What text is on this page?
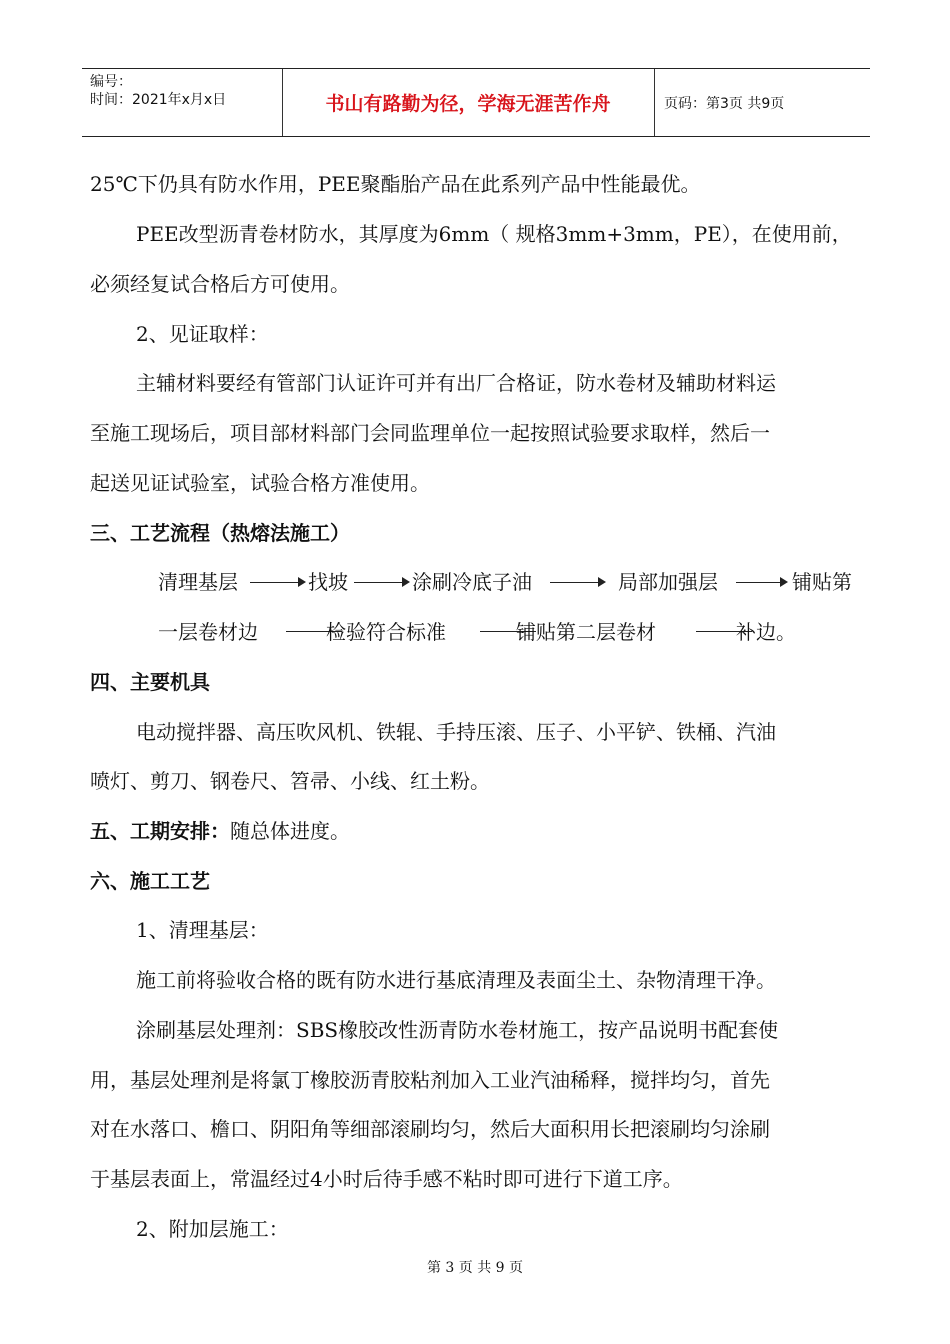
编号：
时间：2021年x月x日	书山有路勤为径，学海无涯苦作舟	页码：第3页 共9页
25℃下仍具有防水作用，PEE聚酯胎产品在此系列产品中性能最优。
PEE改型沥青卷材防水，其厚度为6mm（ 规格3mm+3mm，PE），在使用前，
必须经复试合格后方可使用。
2、见证取样：
主辅材料要经有管部门认证许可并有出厂合格证，防水卷材及辅助材料运
至施工现场后，项目部材料部门会同监理单位一起按照试验要求取样，然后一
起送见证试验室，试验合格方准使用。
三、工艺流程（热熔法施工）
清理基层	找坡	涂刷冷底子油	局部加强层	铺贴第
一层卷材边	检验符合标准	铺贴第二层卷材	补边。
四、主要机具
电动搅拌器、高压吹风机、铁辊、手持压滚、压子、小平铲、铁桶、汽油
喷灯、剪刀、钢卷尺、笤帚、小线、红土粉。
五、工期安排：随总体进度。
六、施工工艺
1、清理基层：
施工前将验收合格的既有防水进行基底清理及表面尘土、杂物清理干净。
涂刷基层处理剂：SBS橡胶改性沥青防水卷材施工，按产品说明书配套使
用，基层处理剂是将氯丁橡胶沥青胶粘剂加入工业汽油稀释，搅拌均匀，首先
对在水落口、檐口、阴阳角等细部滚刷均匀，然后大面积用长把滚刷均匀涂刷
于基层表面上，常温经过4小时后待手感不粘时即可进行下道工序。
2、附加层施工：
第 3 页 共 9 页
